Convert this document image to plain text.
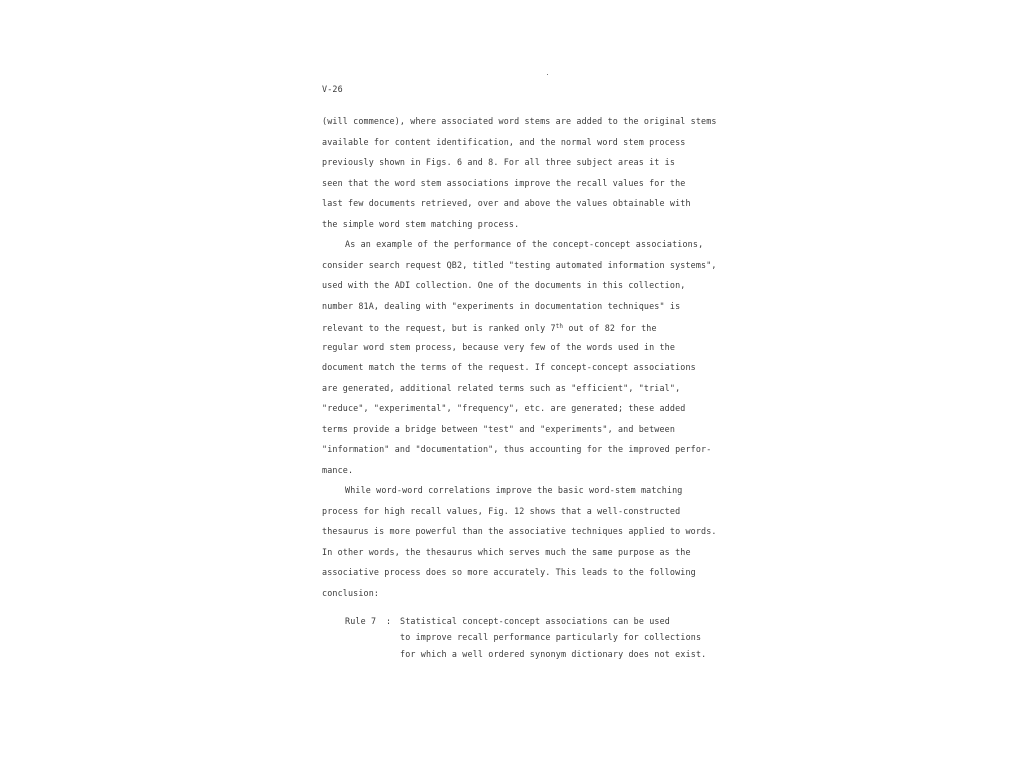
V-26
(will commence), where associated word stems are added to the original stems
available for content identification, and the normal word stem process
previously shown in Figs. 6 and 8. For all three subject areas it is
seen that the word stem associations improve the recall values for the
last few documents retrieved, over and above the values obtainable with
the simple word stem matching process.
As an example of the performance of the concept-concept associations,
consider search request QB2, titled "testing automated information systems",
used with the ADI collection. One of the documents in this collection,
number 81A, dealing with "experiments in documentation techniques" is
relevant to the request, but is ranked only 7th out of 82 for the
regular word stem process, because very few of the words used in the
document match the terms of the request. If concept-concept associations
are generated, additional related terms such as "efficient", "trial",
"reduce", "experimental", "frequency", etc. are generated; these added
terms provide a bridge between "test" and "experiments", and between
"information" and "documentation", thus accounting for the improved perfor-
mance.
While word-word correlations improve the basic word-stem matching
process for high recall values, Fig. 12 shows that a well-constructed
thesaurus is more powerful than the associative techniques applied to words.
In other words, the thesaurus which serves much the same purpose as the
associative process does so more accurately. This leads to the following
conclusion:
Rule 7 : Statistical concept-concept associations can be used
to improve recall performance particularly for collections
for which a well ordered synonym dictionary does not exist.
